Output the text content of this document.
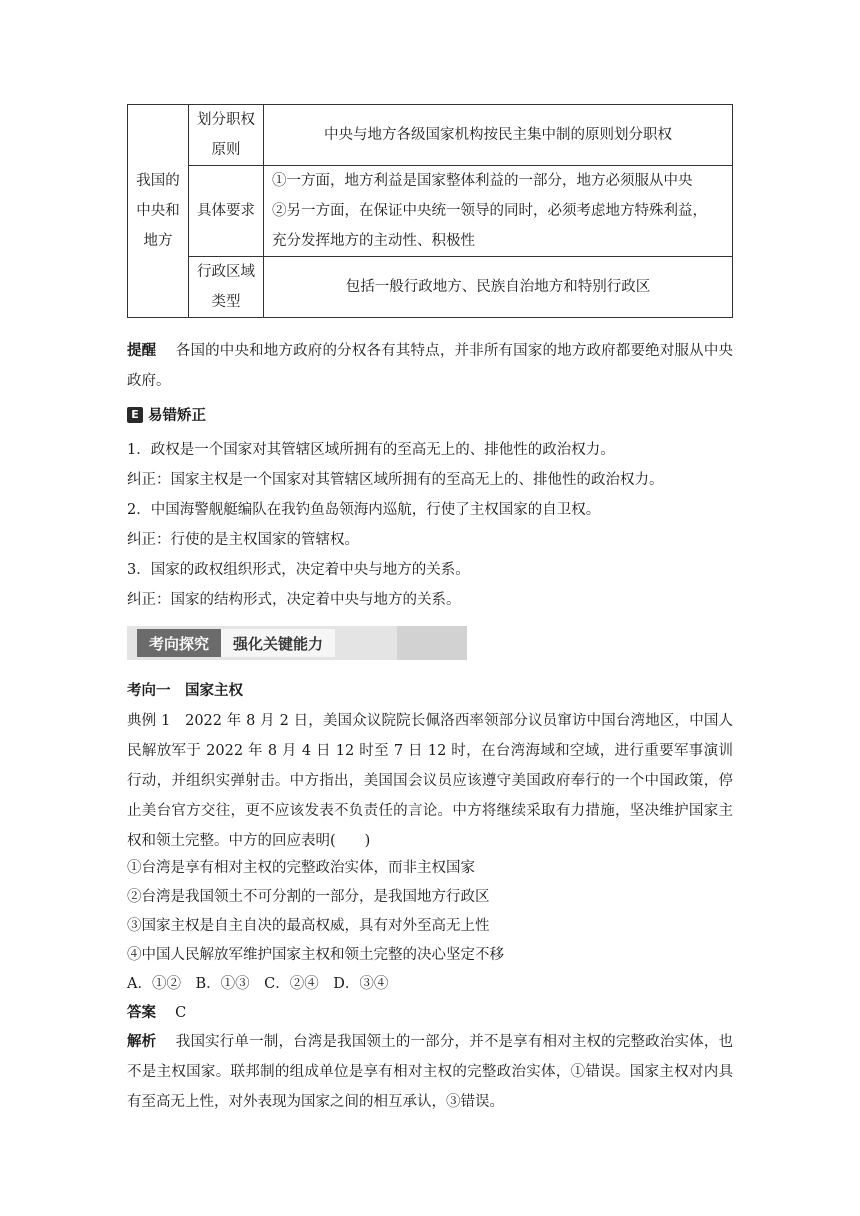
我国的中央和地方	划分职权原则	中央与地方各级国家机构按民主集中制的原则划分职权
	具体要求	①一方面，地方利益是国家整体利益的一部分，地方必须服从中央
②另一方面，在保证中央统一领导的同时，必须考虑地方特殊利益，
充分发挥地方的主动性、积极性

	行政区域类型	包括一般行政地方、民族自治地方和特别行政区

提醒　 各国的中央和地方政府的分权各有其特点，并非所有国家的地方政府都要绝对服从中央政府。

E 易错矫正

1．政权是一个国家对其管辖区域所拥有的至高无上的、排他性的政治权力。

纠正：国家主权是一个国家对其管辖区域所拥有的至高无上的、排他性的政治权力。

2．中国海警舰艇编队在我钓鱼岛领海内巡航，行使了主权国家的自卫权。

纠正：行使的是主权国家的管辖权。

3．国家的政权组织形式，决定着中央与地方的关系。

纠正：国家的结构形式，决定着中央与地方的关系。

考向探究	强化关键能力

考向一　国家主权

典例 1　2022 年 8 月 2 日，美国众议院院长佩洛西率领部分议员窜访中国台湾地区，中国人民解放军于 2022 年 8 月 4 日 12 时至 7 日 12 时，在台湾海域和空域，进行重要军事演训行动，并组织实弹射击。中方指出，美国国会议员应该遵守美国政府奉行的一个中国政策，停止美台官方交往，更不应该发表不负责任的言论。中方将继续采取有力措施，坚决维护国家主权和领土完整。中方的回应表明(　　)

①台湾是享有相对主权的完整政治实体，而非主权国家

②台湾是我国领土不可分割的一部分，是我国地方行政区

③国家主权是自主自决的最高权威，具有对外至高无上性

④中国人民解放军维护国家主权和领土完整的决心坚定不移

A．①②　B．①③　C．②④　D．③④

答案　 C

解析　 我国实行单一制，台湾是我国领土的一部分，并不是享有相对主权的完整政治实体，也不是主权国家。联邦制的组成单位是享有相对主权的完整政治实体，①错误。国家主权对内具有至高无上性，对外表现为国家之间的相互承认，③错误。
